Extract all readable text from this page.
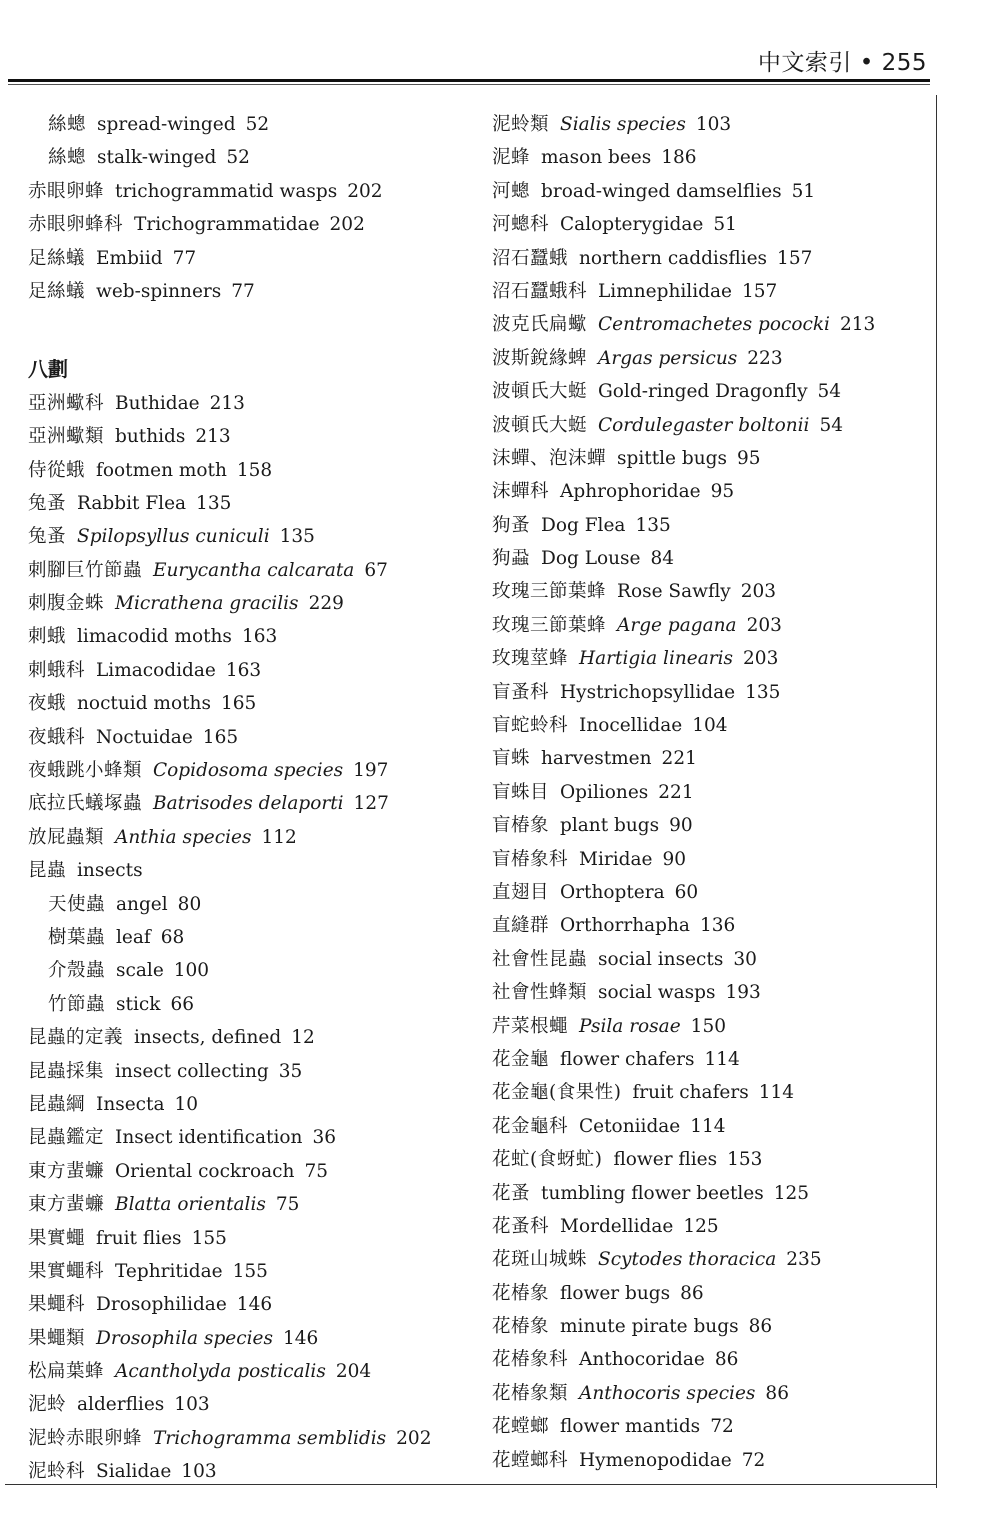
中文索引 • 255
絲蟌 spread-winged 52
絲蟌 stalk-winged 52
赤眼卵蜂 trichogrammatid wasps 202
赤眼卵蜂科 Trichogrammatidae 202
足絲蟻 Embiid 77
足絲蟻 web-spinners 77
八劃
亞洲蠍科 Buthidae 213
亞洲蠍類 buthids 213
侍從蛾 footmen moth 158
兔蚤 Rabbit Flea 135
兔蚤 Spilopsyllus cuniculi 135
刺腳巨竹節蟲 Eurycantha calcarata 67
刺腹金蛛 Micrathena gracilis 229
刺蛾 limacodid moths 163
刺蛾科 Limacodidae 163
夜蛾 noctuid moths 165
夜蛾科 Noctuidae 165
夜蛾跳小蜂類 Copidosoma species 197
底拉氏蟻塚蟲 Batrisodes delaporti 127
放屁蟲類 Anthia species 112
昆蟲 insects
天使蟲 angel 80
樹葉蟲 leaf 68
介殼蟲 scale 100
竹節蟲 stick 66
昆蟲的定義 insects, defined 12
昆蟲採集 insect collecting 35
昆蟲綱 Insecta 10
昆蟲鑑定 Insect identification 36
東方蜚蠊 Oriental cockroach 75
東方蜚蠊 Blatta orientalis 75
果實蠅 fruit flies 155
果實蠅科 Tephritidae 155
果蠅科 Drosophilidae 146
果蠅類 Drosophila species 146
松扁葉蜂 Acantholyda posticalis 204
泥蛉 alderflies 103
泥蛉赤眼卵蜂 Trichogramma semblidis 202
泥蛉科 Sialidae 103
泥蛉類 Sialis species 103
泥蜂 mason bees 186
河蟌 broad-winged damselflies 51
河蟌科 Calopterygidae 51
沼石蠶蛾 northern caddisflies 157
沼石蠶蛾科 Limnephilidae 157
波克氏扁蠍 Centromachetes pococki 213
波斯銳緣蜱 Argas persicus 223
波頓氏大蜓 Gold-ringed Dragonfly 54
波頓氏大蜓 Cordulegaster boltonii 54
沫蟬、泡沫蟬 spittle bugs 95
沫蟬科 Aphrophoridae 95
狗蚤 Dog Flea 135
狗蝨 Dog Louse 84
玫瑰三節葉蜂 Rose Sawfly 203
玫瑰三節葉蜂 Arge pagana 203
玫瑰莖蜂 Hartigia linearis 203
盲蚤科 Hystrichopsyllidae 135
盲蛇蛉科 Inocellidae 104
盲蛛 harvestmen 221
盲蛛目 Opiliones 221
盲椿象 plant bugs 90
盲椿象科 Miridae 90
直翅目 Orthoptera 60
直縫群 Orthorrhapha 136
社會性昆蟲 social insects 30
社會性蜂類 social wasps 193
芹菜根蠅 Psila rosae 150
花金龜 flower chafers 114
花金龜(食果性) fruit chafers 114
花金龜科 Cetoniidae 114
花虻(食蚜虻) flower flies 153
花蚤 tumbling flower beetles 125
花蚤科 Mordellidae 125
花斑山城蛛 Scytodes thoracica 235
花椿象 flower bugs 86
花椿象 minute pirate bugs 86
花椿象科 Anthocoridae 86
花椿象類 Anthocoris species 86
花螳螂 flower mantids 72
花螳螂科 Hymenopodidae 72
